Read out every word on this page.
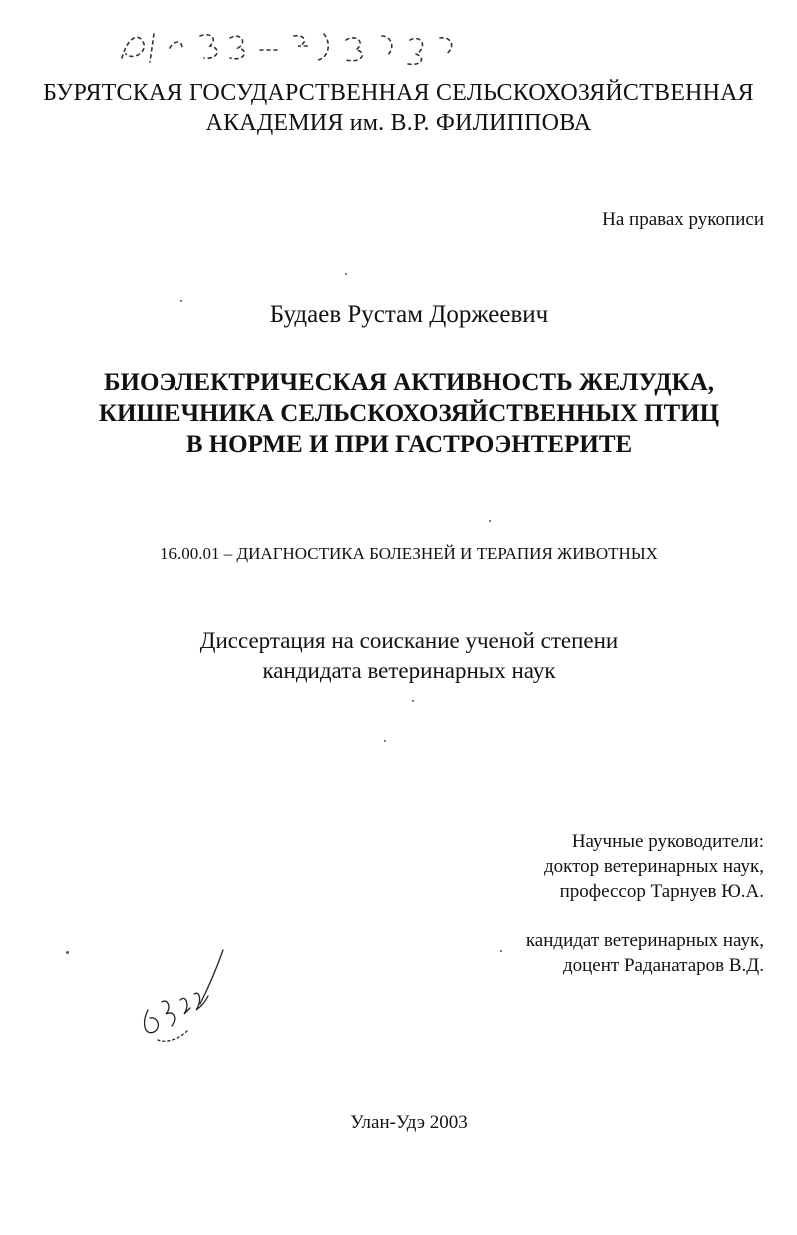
БУРЯТСКАЯ ГОСУДАРСТВЕННАЯ СЕЛЬСКОХОЗЯЙСТВЕННАЯ
АКАДЕМИЯ им. В.Р. ФИЛИППОВА
На правах рукописи
Будаев Рустам Доржеевич
БИОЭЛЕКТРИЧЕСКАЯ АКТИВНОСТЬ ЖЕЛУДКА,
КИШЕЧНИКА СЕЛЬСКОХОЗЯЙСТВЕННЫХ ПТИЦ
В НОРМЕ И ПРИ ГАСТРОЭНТЕРИТЕ
16.00.01 – ДИАГНОСТИКА БОЛЕЗНЕЙ И ТЕРАПИЯ ЖИВОТНЫХ
Диссертация на соискание ученой степени
кандидата ветеринарных наук
Научные руководители:
доктор ветеринарных наук,
профессор Тарнуев Ю.А.
кандидат ветеринарных наук,
доцент Раданатаров В.Д.
Улан-Удэ 2003
